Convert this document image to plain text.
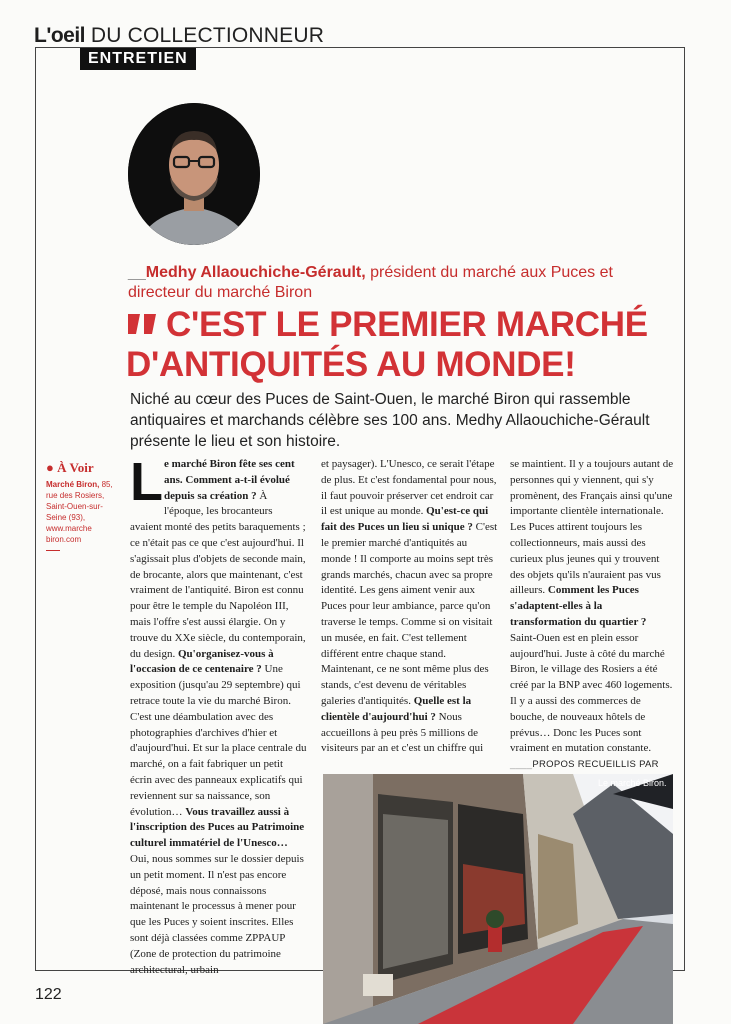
L'oeil DU COLLECTIONNEUR
ENTRETIEN
__Medhy Allaouchiche-Gérault, président du marché aux Puces et directeur du marché Biron
C'EST LE PREMIER MARCHÉ
D'ANTIQUITÉS AU MONDE!
Niché au cœur des Puces de Saint-Ouen, le marché Biron qui rassemble antiquaires et marchands célèbre ses 100 ans. Medhy Allaouchiche-Gérault présente le lieu et son histoire.
● À Voir
Marché Biron, 85, rue des Rosiers, Saint-Ouen-sur-Seine (93),
www.marche biron.com
L e marché Biron fête ses cent ans. Comment a-t-il évolué depuis sa création ? À l'époque, les brocanteurs avaient monté des petits baraquements ; ce n'était pas ce que c'est aujourd'hui. Il s'agissait plus d'objets de seconde main, de brocante, alors que maintenant, c'est vraiment de l'antiquité. Biron est connu pour être le temple du Napoléon III, mais l'offre s'est aussi élargie. On y trouve du XXe siècle, du contemporain, du design. Qu'organisez-vous à l'occasion de ce centenaire ? Une exposition (jusqu'au 29 septembre) qui retrace toute la vie du marché Biron. C'est une déambulation avec des photographies d'archives d'hier et d'aujourd'hui. Et sur la place centrale du marché, on a fait fabriquer un petit écrin avec des panneaux explicatifs qui reviennent sur sa naissance, son évolution… Vous travaillez aussi à l'inscription des Puces au Patrimoine culturel immatériel de l'Unesco… Oui, nous sommes sur le dossier depuis un petit moment. Il n'est pas encore déposé, mais nous connaissons maintenant le processus à mener pour que les Puces y soient inscrites. Elles sont déjà classées comme ZPPAUP (Zone de protection du patrimoine architectural, urbain
et paysager). L'Unesco, ce serait l'étape de plus. Et c'est fondamental pour nous, il faut pouvoir préserver cet endroit car il est unique au monde. Qu'est-ce qui fait des Puces un lieu si unique ? C'est le premier marché d'antiquités au monde ! Il comporte au moins sept très grands marchés, chacun avec sa propre identité. Les gens aiment venir aux Puces pour leur ambiance, parce qu'on traverse le temps. Comme si on visitait un musée, en fait. C'est tellement différent entre chaque stand. Maintenant, ce ne sont même plus des stands, c'est devenu de véritables galeries d'antiquités. Quelle est la clientèle d'aujourd'hui ? Nous accueillons à peu près 5 millions de visiteurs par an et c'est un chiffre qui
se maintient. Il y a toujours autant de personnes qui y viennent, qui s'y promènent, des Français ainsi qu'une importante clientèle internationale. Les Puces attirent toujours les collectionneurs, mais aussi des curieux plus jeunes qui y trouvent des objets qu'ils n'auraient pas vus ailleurs. Comment les Puces s'adaptent-elles à la transformation du quartier ? Saint-Ouen est en plein essor aujourd'hui. Juste à côté du marché Biron, le village des Rosiers a été créé par la BNP avec 460 logements. Il y a aussi des commerces de bouche, de nouveaux hôtels de prévus… Donc les Puces sont vraiment en mutation constante. ____PROPOS RECUEILLIS PAR
Le marché Biron.
122
